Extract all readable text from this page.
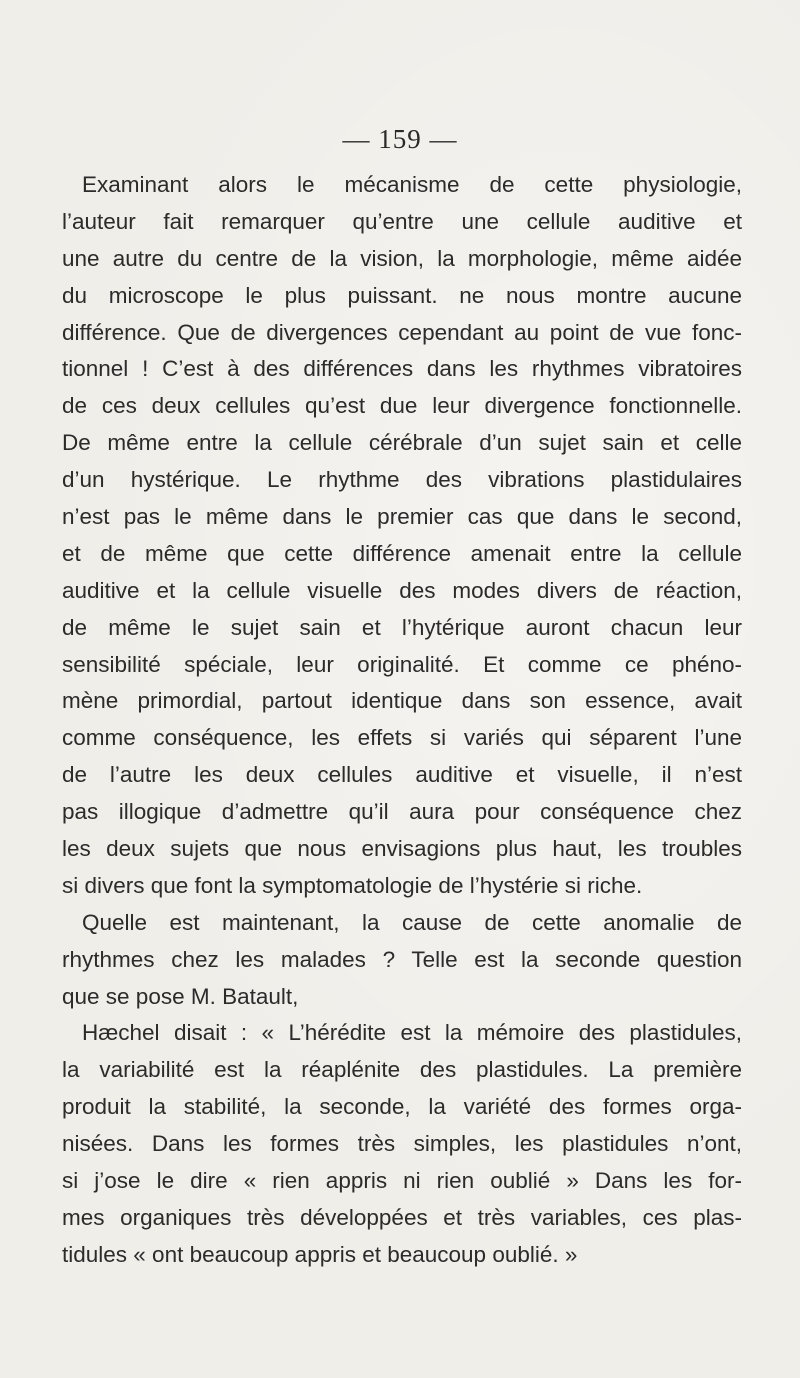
— 159 —
Examinant alors le mécanisme de cette physiologie,
l’auteur fait remarquer qu’entre une cellule auditive et
une autre du centre de la vision, la morphologie, même aidée
du microscope le plus puissant. ne nous montre aucune
différence. Que de divergences cependant au point de vue fonc-
tionnel ! C’est à des différences dans les rhythmes vibratoires
de ces deux cellules qu’est due leur divergence fonctionnelle.
De même entre la cellule cérébrale d’un sujet sain et celle
d’un hystérique. Le rhythme des vibrations plastidulaires
n’est pas le même dans le premier cas que dans le second,
et de même que cette différence amenait entre la cellule
auditive et la cellule visuelle des modes divers de réaction,
de même le sujet sain et l’hytérique auront chacun leur
sensibilité spéciale, leur originalité. Et comme ce phéno-
mène primordial, partout identique dans son essence, avait
comme conséquence, les effets si variés qui séparent l’une
de l’autre les deux cellules auditive et visuelle, il n’est
pas illogique d’admettre qu’il aura pour conséquence chez
les deux sujets que nous envisagions plus haut, les troubles
si divers que font la symptomatologie de l’hystérie si riche.
Quelle est maintenant, la cause de cette anomalie de
rhythmes chez les malades ? Telle est la seconde question
que se pose M. Batault,
Hæchel disait : « L’hérédite est la mémoire des plastidules,
la variabilité est la réaplénite des plastidules. La première
produit la stabilité, la seconde, la variété des formes orga-
nisées. Dans les formes très simples, les plastidules n’ont,
si j’ose le dire « rien appris ni rien oublié » Dans les for-
mes organiques très développées et très variables, ces plas-
tidules « ont beaucoup appris et beaucoup oublié. »
